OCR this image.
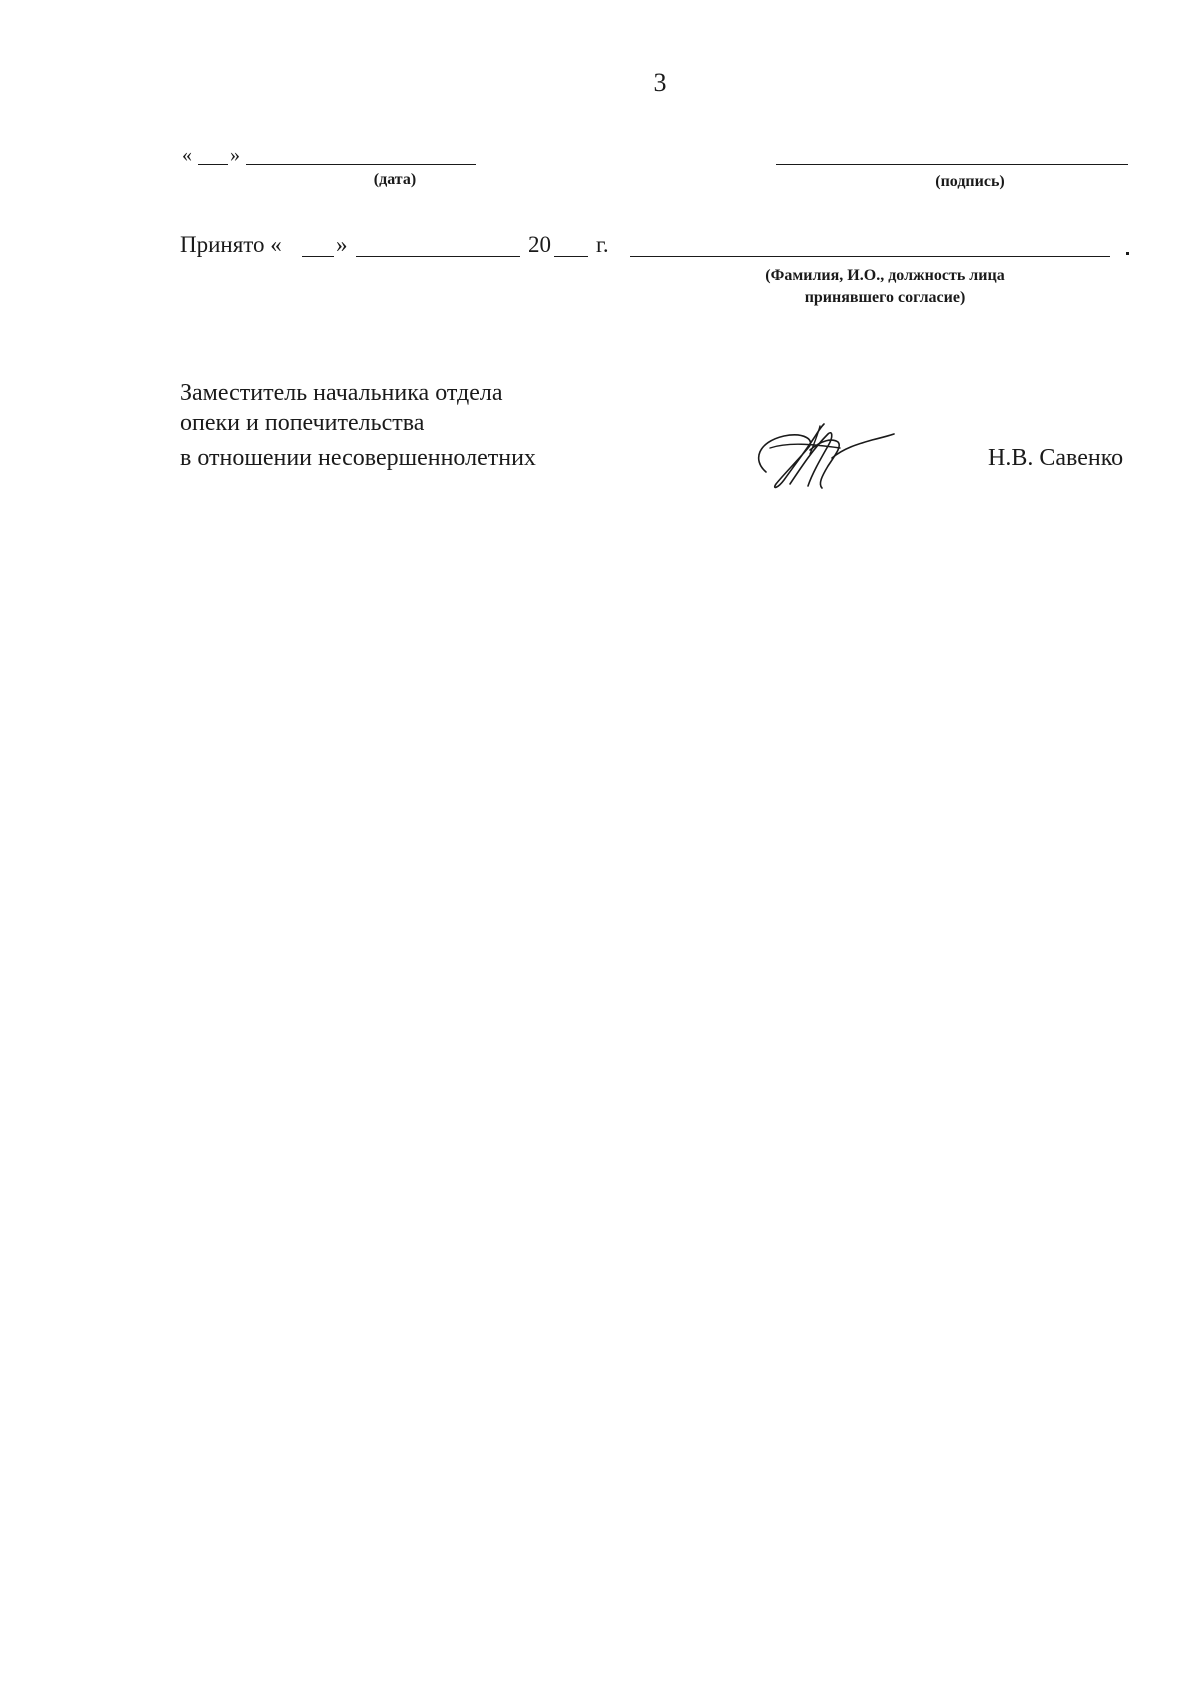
3
« »
(дата)	(подпись)
Принято « »	20 г.
(Фамилия, И.О., должность лица
принявшего согласие)
Заместитель начальника отдела
опеки и попечительства
в отношении несовершеннолетних	Н.В. Савенко
